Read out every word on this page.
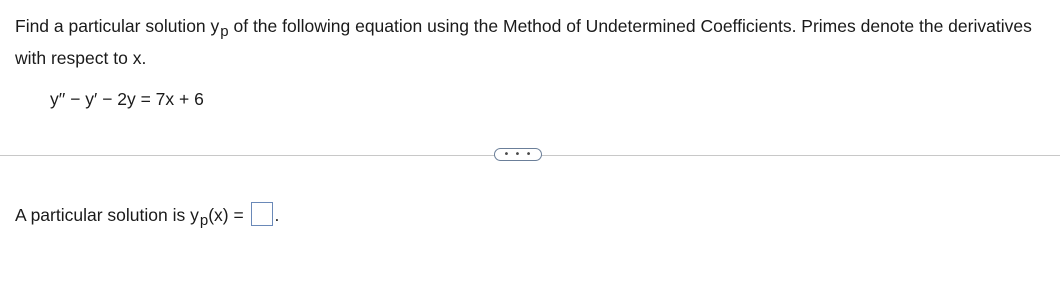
Find a particular solution yp of the following equation using the Method of Undetermined Coefficients. Primes denote the derivatives with respect to x.
y′′ − y′ − 2y = 7x + 6
• • •
A particular solution is yp(x) = .
